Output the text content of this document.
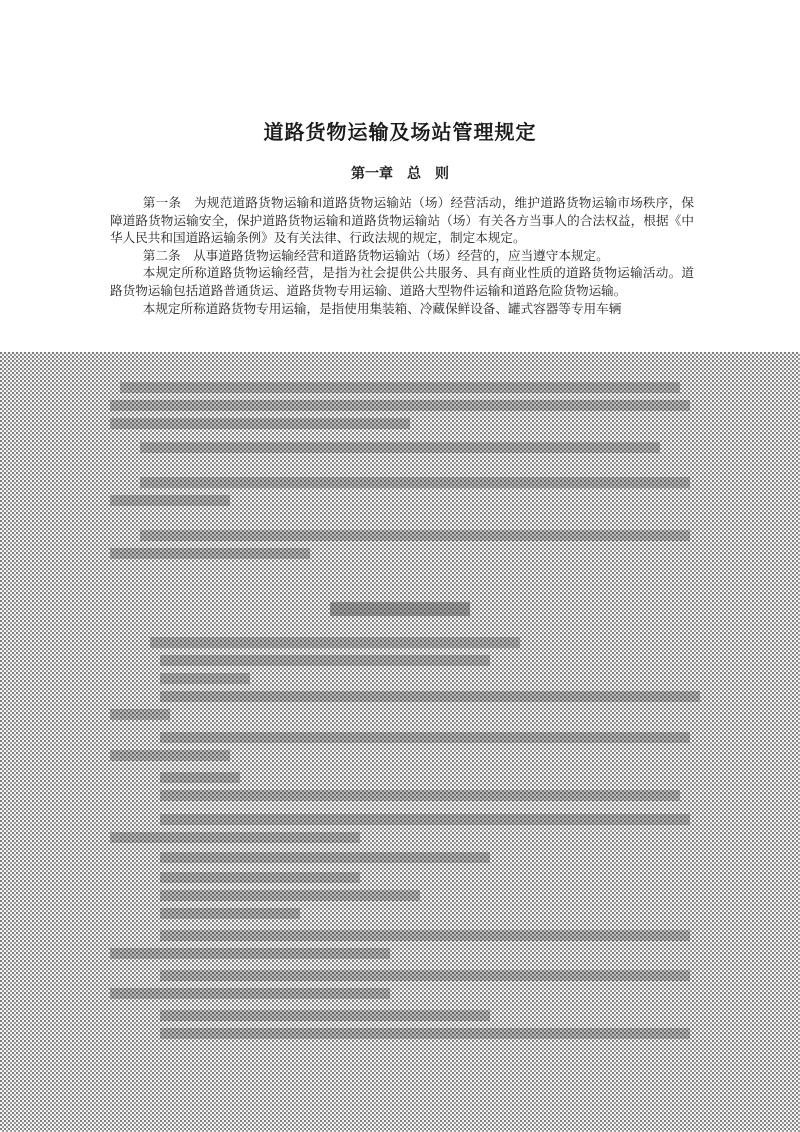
道路货物运输及场站管理规定
第一章　总　则

第一条　为规范道路货物运输和道路货物运输站（场）经营活动，维护道路货物运输市场秩序，保障道路货物运输安全，保护道路货物运输和道路货物运输站（场）有关各方当事人的合法权益，根据《中华人民共和国道路运输条例》及有关法律、行政法规的规定，制定本规定。

第二条　从事道路货物运输经营和道路货物运输站（场）经营的，应当遵守本规定。

本规定所称道路货物运输经营，是指为社会提供公共服务、具有商业性质的道路货物运输活动。道路货物运输包括道路普通货运、道路货物专用运输、道路大型物件运输和道路危险货物运输。

本规定所称道路货物专用运输，是指使用集装箱、冷藏保鲜设备、罐式容器等专用车辆
